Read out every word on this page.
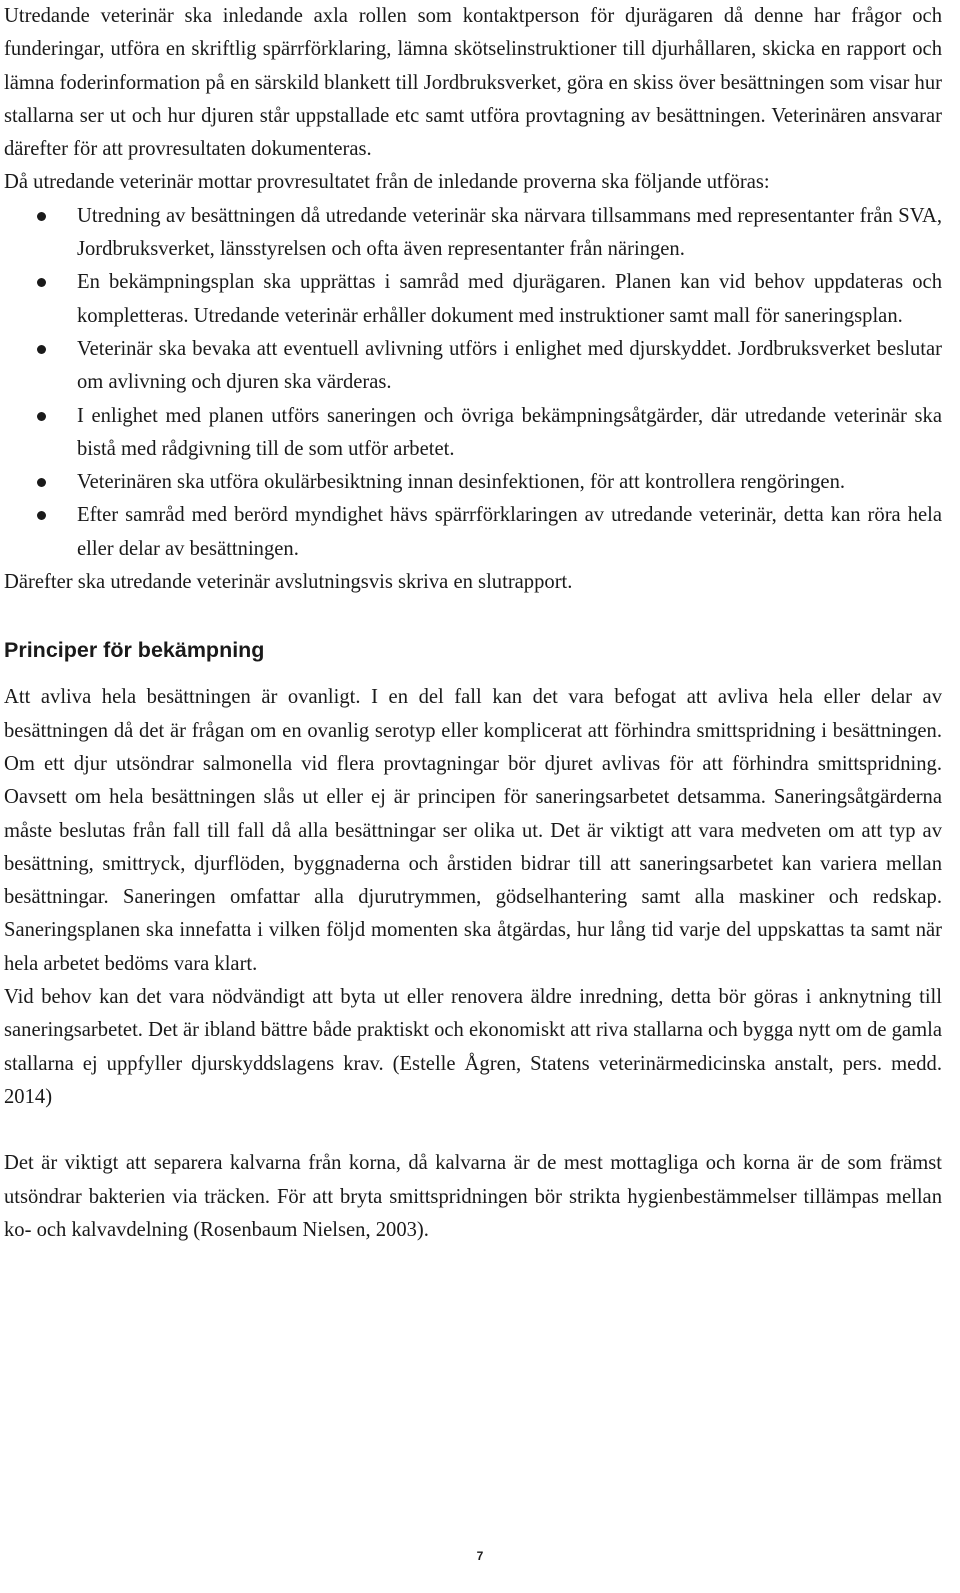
Utredande veterinär ska inledande axla rollen som kontaktperson för djurägaren då denne har frågor och funderingar, utföra en skriftlig spärrförklaring, lämna skötselinstruktioner till djurhållaren, skicka en rapport och lämna foderinformation på en särskild blankett till Jordbruksverket, göra en skiss över besättningen som visar hur stallarna ser ut och hur djuren står uppstallade etc samt utföra provtagning av besättningen. Veterinären ansvarar därefter för att provresultaten dokumenteras.

Då utredande veterinär mottar provresultatet från de inledande proverna ska följande utföras:

Utredning av besättningen då utredande veterinär ska närvara tillsammans med representanter från SVA, Jordbruksverket, länsstyrelsen och ofta även representanter från näringen.
En bekämpningsplan ska upprättas i samråd med djurägaren. Planen kan vid behov uppdateras och kompletteras. Utredande veterinär erhåller dokument med instruktioner samt mall för saneringsplan.
Veterinär ska bevaka att eventuell avlivning utförs i enlighet med djurskyddet. Jordbruksverket beslutar om avlivning och djuren ska värderas.
I enlighet med planen utförs saneringen och övriga bekämpningsåtgärder, där utredande veterinär ska bistå med rådgivning till de som utför arbetet.
Veterinären ska utföra okulärbesiktning innan desinfektionen, för att kontrollera rengöringen.
Efter samråd med berörd myndighet hävs spärrförklaringen av utredande veterinär, detta kan röra hela eller delar av besättningen.

Därefter ska utredande veterinär avslutningsvis skriva en slutrapport.

Principer för bekämpning

Att avliva hela besättningen är ovanligt. I en del fall kan det vara befogat att avliva hela eller delar av besättningen då det är frågan om en ovanlig serotyp eller komplicerat att förhindra smittspridning i besättningen. Om ett djur utsöndrar salmonella vid flera provtagningar bör djuret avlivas för att förhindra smittspridning. Oavsett om hela besättningen slås ut eller ej är principen för saneringsarbetet detsamma. Saneringsåtgärderna måste beslutas från fall till fall då alla besättningar ser olika ut. Det är viktigt att vara medveten om att typ av besättning, smittryck, djurflöden, byggnaderna och årstiden bidrar till att saneringsarbetet kan variera mellan besättningar. Saneringen omfattar alla djurutrymmen, gödselhantering samt alla maskiner och redskap. Saneringsplanen ska innefatta i vilken följd momenten ska åtgärdas, hur lång tid varje del uppskattas ta samt när hela arbetet bedöms vara klart.

Vid behov kan det vara nödvändigt att byta ut eller renovera äldre inredning, detta bör göras i anknytning till saneringsarbetet. Det är ibland bättre både praktiskt och ekonomiskt att riva stallarna och bygga nytt om de gamla stallarna ej uppfyller djurskyddslagens krav. (Estelle Ågren, Statens veterinärmedicinska anstalt, pers. medd. 2014)

Det är viktigt att separera kalvarna från korna, då kalvarna är de mest mottagliga och korna är de som främst utsöndrar bakterien via träcken. För att bryta smittspridningen bör strikta hygienbestämmelser tillämpas mellan ko- och kalvavdelning (Rosenbaum Nielsen, 2003).

7
